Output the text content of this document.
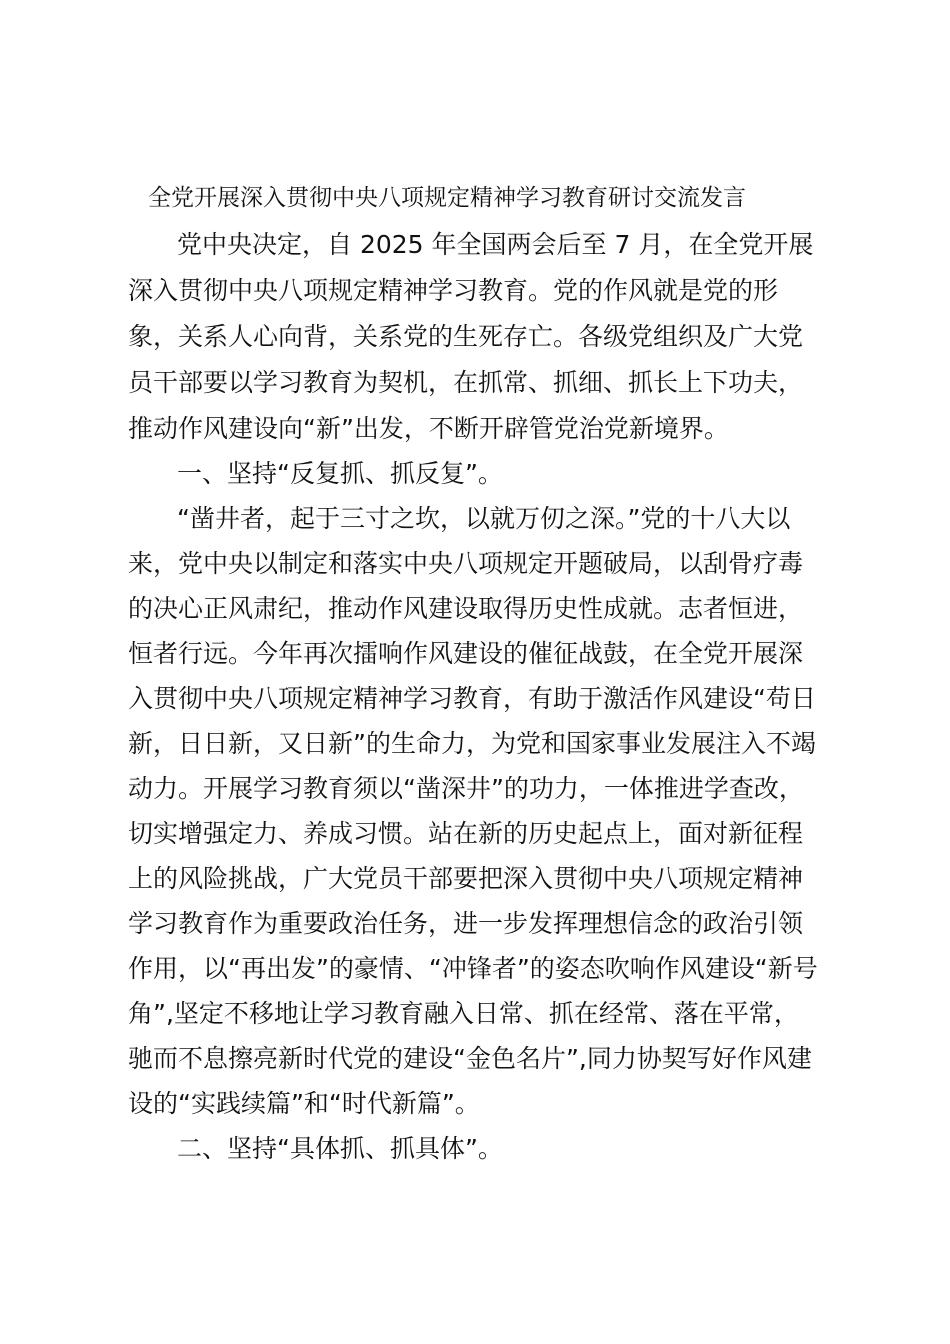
全党开展深入贯彻中央八项规定精神学习教育研讨交流发言
党中央决定，自 2025 年全国两会后至 7 月，在全党开展
深入贯彻中央八项规定精神学习教育。党的作风就是党的形
象，关系人心向背，关系党的生死存亡。各级党组织及广大党
员干部要以学习教育为契机，在抓常、抓细、抓长上下功夫，
推动作风建设向“新”出发，不断开辟管党治党新境界。
一、坚持“反复抓、抓反复”。
“凿井者，起于三寸之坎，以就万仞之深。”党的十八大以
来，党中央以制定和落实中央八项规定开题破局，以刮骨疗毒
的决心正风肃纪，推动作风建设取得历史性成就。志者恒进，
恒者行远。今年再次擂响作风建设的催征战鼓，在全党开展深
入贯彻中央八项规定精神学习教育，有助于激活作风建设“苟日
新，日日新，又日新”的生命力，为党和国家事业发展注入不竭
动力。开展学习教育须以“凿深井”的功力，一体推进学查改，
切实增强定力、养成习惯。站在新的历史起点上，面对新征程
上的风险挑战，广大党员干部要把深入贯彻中央八项规定精神
学习教育作为重要政治任务，进一步发挥理想信念的政治引领
作用，以“再出发”的豪情、“冲锋者”的姿态吹响作风建设“新号
角”,坚定不移地让学习教育融入日常、抓在经常、落在平常，
驰而不息擦亮新时代党的建设“金色名片”,同力协契写好作风建
设的“实践续篇”和“时代新篇”。
二、坚持“具体抓、抓具体”。
